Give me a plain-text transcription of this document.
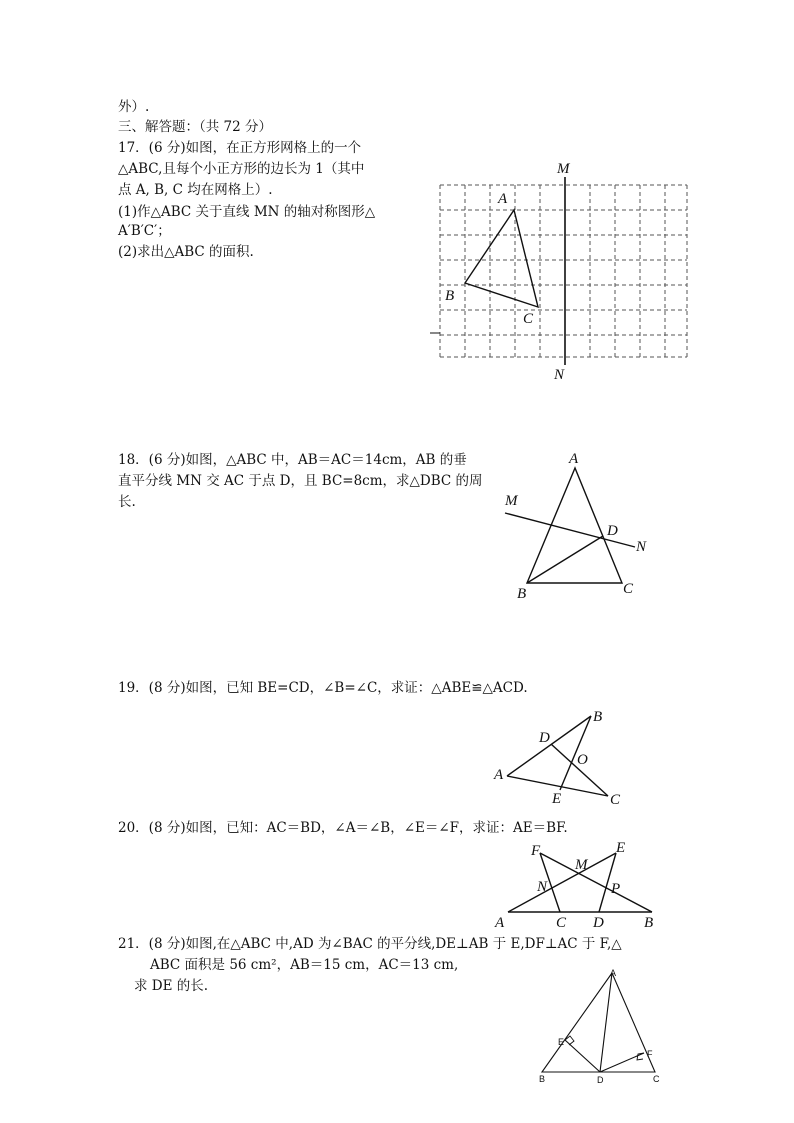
外）.
三、解答题：（共 72 分）
17．(6 分)如图，在正方形网格上的一个
△ABC,且每个小正方形的边长为 1（其中
点 A, B, C 均在网格上）.
(1)作△ABC 关于直线 MN 的轴对称图形△
A′B′C′；
(2)求出△ABC 的面积.
M
N
A
B
C
18．(6 分)如图，△ABC 中，AB＝AC＝14cm，AB 的垂
直平分线 MN 交 AC 于点 D，且 BC=8cm，求△DBC 的周
长.
A
B	C
D
M
N
19．(8 分)如图，已知 BE=CD，∠B=∠C，求证：△ABE≌△ACD.
A
B
C
D
E
O
20．(8 分)如图，已知：AC＝BD，∠A＝∠B，∠E＝∠F，求证：AE＝BF.
F	E
M
N	P
A	C D	B
21．(8 分)如图,在△ABC 中,AD 为∠BAC 的平分线,DE⊥AB 于 E,DF⊥AC 于 F,△
ABC 面积是 56 cm²，AB＝15 cm，AC＝13 cm,
求 DE 的长.
A
B	C
D
E
F
